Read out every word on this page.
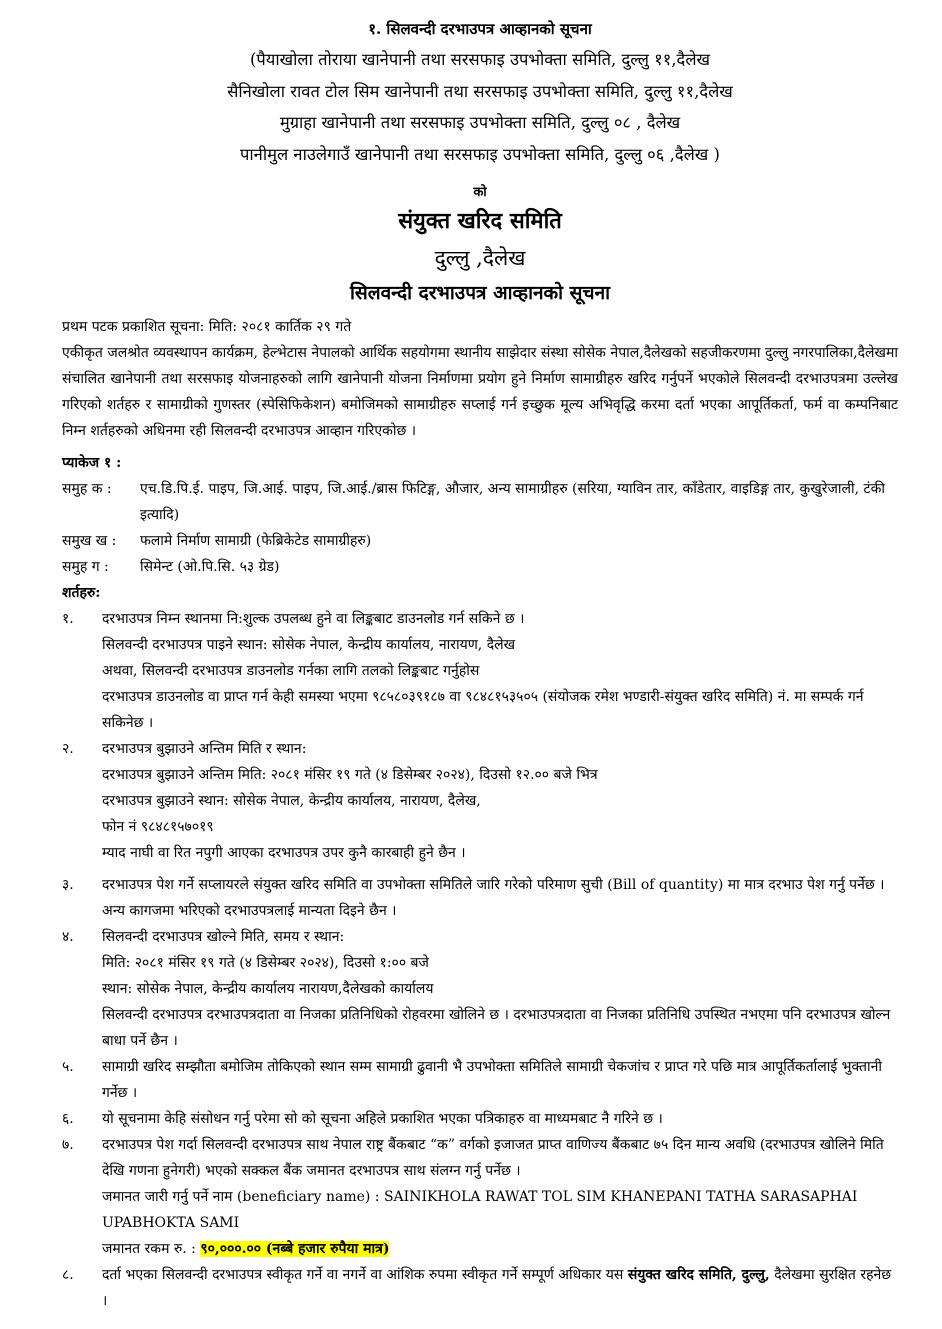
१. सिलवन्दी दरभाउपत्र आव्हानको सूचना
(पैयाखोला तोराया खानेपानी तथा सरसफाइ उपभोक्ता समिति, दुल्लु ११,दैलेख
सैनिखोला रावत टोल सिम खानेपानी तथा सरसफाइ उपभोक्ता समिति, दुल्लु ११,दैलेख
मुग्राहा खानेपानी तथा सरसफाइ उपभोक्ता समिति, दुल्लु ०८ , दैलेख
पानीमुल नाउलेगाउँ खानेपानी तथा सरसफाइ उपभोक्ता समिति, दुल्लु ०६ ,दैलेख )
को
संयुक्त खरिद समिति
दुल्लु ,दैलेख
सिलवन्दी दरभाउपत्र आव्हानको सूचना
प्रथम पटक प्रकाशित सूचना: मिति: २०८१ कार्तिक २९ गते
एकीकृत जलश्रोत व्यवस्थापन कार्यक्रम, हेल्भेटास नेपालको आर्थिक सहयोगमा स्थानीय साझेदार संस्था सोसेक नेपाल,दैलेखको सहजीकरणमा दुल्लु नगरपालिका,दैलेखमा संचालित खानेपानी तथा सरसफाइ योजनाहरुको लागि खानेपानी योजना निर्माणमा प्रयोग हुने निर्माण सामाग्रीहरु खरिद गर्नुपर्ने भएकोले सिलवन्दी दरभाउपत्रमा उल्लेख गरिएको शर्तहरु र सामाग्रीको गुणस्तर (स्पेसिफिकेशन) बमोजिमको सामाग्रीहरु सप्लाई गर्न इच्छुक मूल्य अभिवृद्धि करमा दर्ता भएका आपूर्तिकर्ता, फर्म वा कम्पनिबाट निम्न शर्तहरुको अधिनमा रही सिलवन्दी दरभाउपत्र आव्हान गरिएकोछ ।
प्याकेज १ :
समुह क :	एच.डि.पि.ई. पाइप, जि.आई. पाइप, जि.आई./ब्रास फिटिङ्ग, औजार, अन्य सामाग्रीहरु (सरिया, ग्याविन तार, काँडेतार, वाइडिङ्ग तार, कुखुरेजाली, टंकी इत्यादि)
समुख ख :	फलामे निर्माण सामाग्री (फेब्रिकेटेड सामाग्रीहरु)
समुह ग :	सिमेन्ट (ओ.पि.सि. ५३ ग्रेड)
शर्तहरु:
१.	दरभाउपत्र निम्न स्थानमा नि:शुल्क उपलब्ध हुने वा लिङ्कबाट डाउनलोड गर्न सकिने छ ।
सिलवन्दी दरभाउपत्र पाइने स्थान: सोसेक नेपाल, केन्द्रीय कार्यालय, नारायण, दैलेख
अथवा, सिलवन्दी दरभाउपत्र डाउनलोड गर्नका लागि तलको लिङ्कबाट गर्नुहोस
दरभाउपत्र डाउनलोड वा प्राप्त गर्न केही समस्या भएमा ९८५८०३९१८७ वा ९८४८१५३५०५ (संयोजक रमेश भण्डारी-संयुक्त खरिद समिति) नं. मा सम्पर्क गर्न सकिनेछ ।
२.	दरभाउपत्र बुझाउने अन्तिम मिति र स्थान:
दरभाउपत्र बुझाउने अन्तिम मिति: २०८१ मंसिर १९ गते (४ डिसेम्बर २०२४), दिउसो १२.०० बजे भित्र
दरभाउपत्र बुझाउने स्थान: सोसेक नेपाल, केन्द्रीय कार्यालय, नारायण, दैलेख,
फोन नं ९८४८१५७०१९
म्याद नाघी वा रित नपुगी आएका दरभाउपत्र उपर कुनै कारबाही हुने छैन ।
३.	दरभाउपत्र पेश गर्ने सप्लायरले संयुक्त खरिद समिति वा उपभोक्ता समितिले जारि गरेको परिमाण सुची (Bill of quantity) मा मात्र दरभाउ पेश गर्नु पर्नेछ । अन्य कागजमा भरिएको दरभाउपत्रलाई मान्यता दिइने छैन ।
४.	सिलवन्दी दरभाउपत्र खोल्ने मिति, समय र स्थान:
मिति: २०८१ मंसिर १९ गते (४ डिसेम्बर २०२४), दिउसो १:०० बजे
स्थान: सोसेक नेपाल, केन्द्रीय कार्यालय नारायण,दैलेखको कार्यालय
सिलवन्दी दरभाउपत्र दरभाउपत्रदाता वा निजका प्रतिनिधिको रोहवरमा खोलिने छ । दरभाउपत्रदाता वा निजका प्रतिनिधि उपस्थित नभएमा पनि दरभाउपत्र खोल्न बाधा पर्ने छैन ।
५.	सामाग्री खरिद सम्झौता बमोजिम तोकिएको स्थान सम्म सामाग्री ढुवानी भै उपभोक्ता समितिले सामाग्री चेकजांच र प्राप्त गरे पछि मात्र आपूर्तिकर्तालाई भुक्तानी गर्नेछ ।
६.	यो सूचनामा केहि संसोधन गर्नु परेमा सो को सूचना अहिले प्रकाशित भएका पत्रिकाहरु वा माध्यमबाट नै गरिने छ ।
७.	दरभाउपत्र पेश गर्दा सिलवन्दी दरभाउपत्र साथ नेपाल राष्ट्र बैंकबाट “क” वर्गको इजाजत प्राप्त वाणिज्य बैंकबाट ७५ दिन मान्य अवधि (दरभाउपत्र खोलिने मिति देखि गणना हुनेगरी) भएको सक्कल बैंक जमानत दरभाउपत्र साथ संलग्न गर्नु पर्नेछ ।
जमानत जारी गर्नु पर्ने नाम (beneficiary name) : SAINIKHOLA RAWAT TOL SIM KHANEPANI TATHA SARASAPHAI UPABHOKTA SAMI
जमानत रकम रु. : ९०,०००.०० (नब्बे हजार रुपैया मात्र)
८.	दर्ता भएका सिलवन्दी दरभाउपत्र स्वीकृत गर्ने वा नगर्ने वा आंशिक रुपमा स्वीकृत गर्ने सम्पूर्ण अधिकार यस संयुक्त खरिद समिति, दुल्लु, दैलेखमा सुरक्षित रहनेछ ।
